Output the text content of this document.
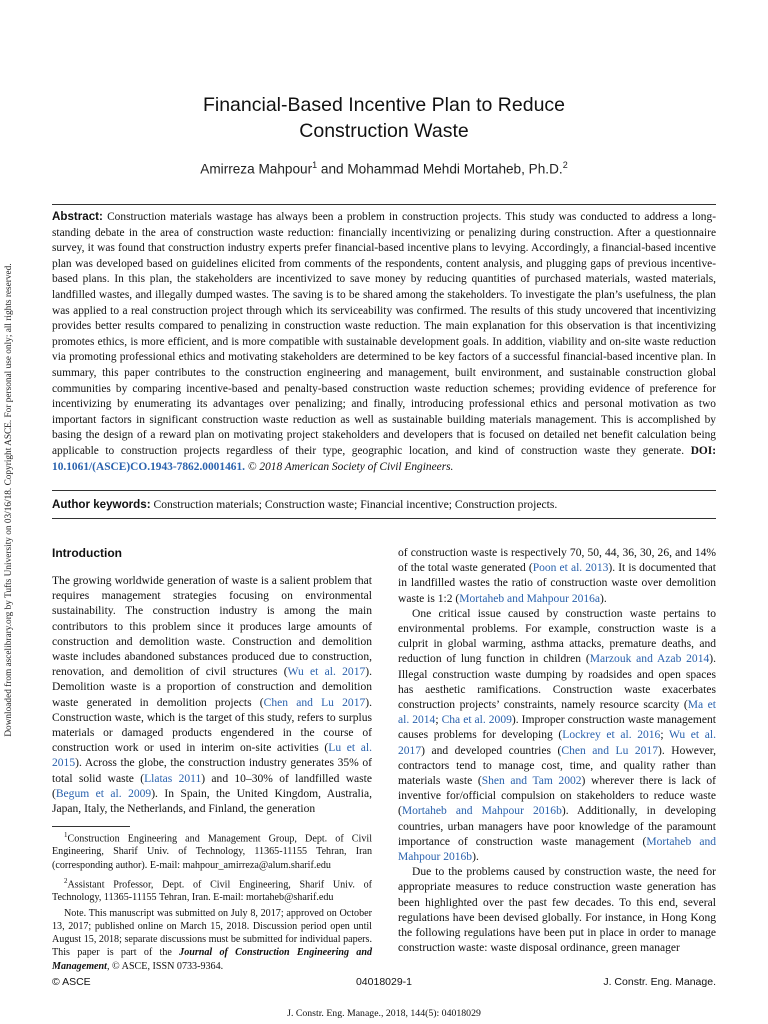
Downloaded from ascelibrary.org by Tufts University on 03/16/18. Copyright ASCE. For personal use only; all rights reserved.
Financial-Based Incentive Plan to Reduce
Construction Waste
Amirreza Mahpour$^1$ and Mohammad Mehdi Mortaheb, Ph.D.$^2$
Abstract: Construction materials wastage has always been a problem in construction projects. This study was conducted to address a long-standing debate in the area of construction waste reduction: financially incentivizing or penalizing during construction. After a questionnaire survey, it was found that construction industry experts prefer financial-based incentive plans to levying. Accordingly, a financial-based incentive plan was developed based on guidelines elicited from comments of the respondents, content analysis, and plugging gaps of previous incentive-based plans. In this plan, the stakeholders are incentivized to save money by reducing quantities of purchased materials, wasted materials, landfilled wastes, and illegally dumped wastes. The saving is to be shared among the stakeholders. To investigate the plan’s usefulness, the plan was applied to a real construction project through which its serviceability was confirmed. The results of this study uncovered that incentivizing provides better results compared to penalizing in construction waste reduction. The main explanation for this observation is that incentivizing promotes ethics, is more efficient, and is more compatible with sustainable development goals. In addition, viability and on-site waste reduction via promoting professional ethics and motivating stakeholders are determined to be key factors of a successful financial-based incentive plan. In summary, this paper contributes to the construction engineering and management, built environment, and sustainable construction global communities by comparing incentive-based and penalty-based construction waste reduction schemes; providing evidence of preference for incentivizing by enumerating its advantages over penalizing; and finally, introducing professional ethics and personal motivation as two important factors in significant construction waste reduction as well as sustainable building materials management. This is accomplished by basing the design of a reward plan on motivating project stakeholders and developers that is focused on detailed net benefit calculation being applicable to construction projects regardless of their type, geographic location, and kind of construction waste they generate. DOI: 10.1061/(ASCE)CO.1943-7862.0001461. © 2018 American Society of Civil Engineers.
Author keywords: Construction materials; Construction waste; Financial incentive; Construction projects.
Introduction

The growing worldwide generation of waste is a salient problem that requires management strategies focusing on environmental sustainability. The construction industry is among the main contributors to this problem since it produces large amounts of construction and demolition waste. Construction and demolition waste includes abandoned substances produced due to construction, renovation, and demolition of civil structures (Wu et al. 2017). Demolition waste is a proportion of construction and demolition waste generated in demolition projects (Chen and Lu 2017). Construction waste, which is the target of this study, refers to surplus materials or damaged products engendered in the course of construction work or used in interim on-site activities (Lu et al. 2015). Across the globe, the construction industry generates 35% of total solid waste (Llatas 2011) and 10–30% of landfilled waste (Begum et al. 2009). In Spain, the United Kingdom, Australia, Japan, Italy, the Netherlands, and Finland, the generation

of construction waste is respectively 70, 50, 44, 36, 30, 26, and 14% of the total waste generated (Poon et al. 2013). It is documented that in landfilled wastes the ratio of construction waste over demolition waste is 1:2 (Mortaheb and Mahpour 2016a).

One critical issue caused by construction waste pertains to environmental problems. For example, construction waste is a culprit in global warming, asthma attacks, premature deaths, and reduction of lung function in children (Marzouk and Azab 2014). Illegal construction waste dumping by roadsides and open spaces has aesthetic ramifications. Construction waste exacerbates construction projects’ constraints, namely resource scarcity (Ma et al. 2014; Cha et al. 2009). Improper construction waste management causes problems for developing (Lockrey et al. 2016; Wu et al. 2017) and developed countries (Chen and Lu 2017). However, contractors tend to manage cost, time, and quality rather than materials waste (Shen and Tam 2002) wherever there is lack of inventive for/official compulsion on stakeholders to reduce waste (Mortaheb and Mahpour 2016b). Additionally, in developing countries, urban managers have poor knowledge of the paramount importance of construction waste management (Mortaheb and Mahpour 2016b).

Due to the problems caused by construction waste, the need for appropriate measures to reduce construction waste generation has been highlighted over the past few decades. To this end, several regulations have been devised globally. For instance, in Hong Kong the following regulations have been put in place in order to manage construction waste: waste disposal ordinance, green manager

$^1$Construction Engineering and Management Group, Dept. of Civil Engineering, Sharif Univ. of Technology, 11365-11155 Tehran, Iran (corresponding author). E-mail: mahpour_amirreza@alum.sharif.edu

$^2$Assistant Professor, Dept. of Civil Engineering, Sharif Univ. of Technology, 11365-11155 Tehran, Iran. E-mail: mortaheb@sharif.edu

Note. This manuscript was submitted on July 8, 2017; approved on October 13, 2017; published online on March 15, 2018. Discussion period open until August 15, 2018; separate discussions must be submitted for individual papers. This paper is part of the Journal of Construction Engineering and Management, © ASCE, ISSN 0733-9364.

© ASCE	04018029-1	J. Constr. Eng. Manage.
J. Constr. Eng. Manage., 2018, 144(5): 04018029
